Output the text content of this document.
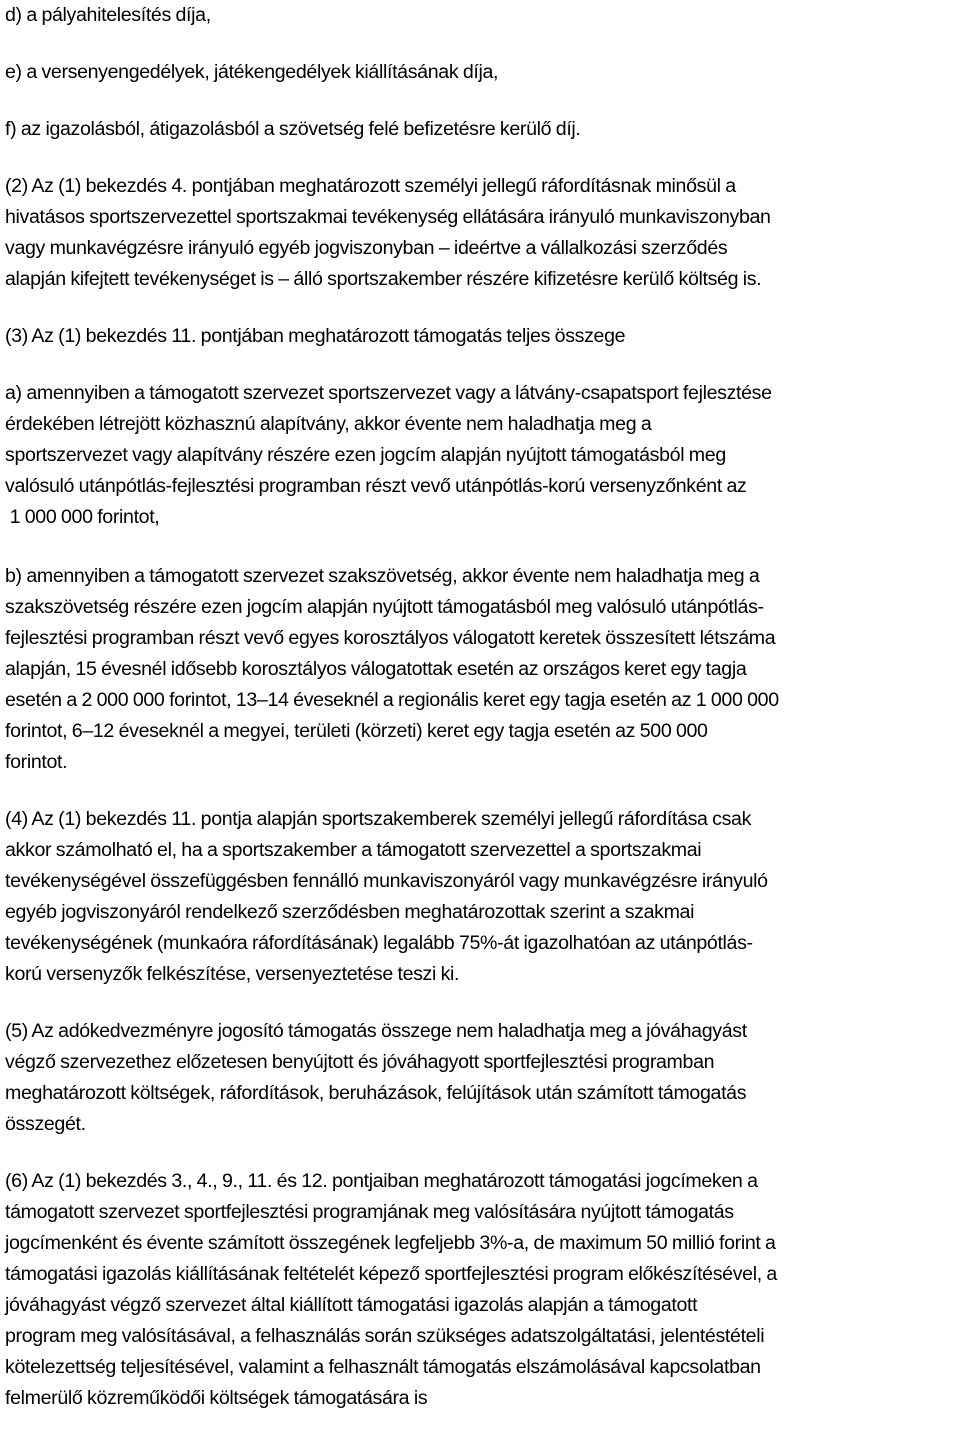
d) a pályahitelesítés díja,

e) a versenyengedélyek, játékengedélyek kiállításának díja,

f) az igazolásból, átigazolásból a szövetség felé befizetésre kerülő díj.

(2) Az (1) bekezdés 4. pontjában meghatározott személyi jellegű ráfordításnak minősül a
hivatásos sportszervezettel sportszakmai tevékenység ellátására irányuló munkaviszonyban
vagy munkavégzésre irányuló egyéb jogviszonyban – ideértve a vállalkozási szerződés
alapján kifejtett tevékenységet is – álló sportszakember részére kifizetésre kerülő költség is.

(3) Az (1) bekezdés 11. pontjában meghatározott támogatás teljes összege

a) amennyiben a támogatott szervezet sportszervezet vagy a látvány-csapatsport fejlesztése
érdekében létrejött közhasznú alapítvány, akkor évente nem haladhatja meg a
sportszervezet vagy alapítvány részére ezen jogcím alapján nyújtott támogatásból meg
valósuló utánpótlás-fejlesztési programban részt vevő utánpótlás-korú versenyzőnként az
1 000 000 forintot,

b) amennyiben a támogatott szervezet szakszövetség, akkor évente nem haladhatja meg a
szakszövetség részére ezen jogcím alapján nyújtott támogatásból meg valósuló utánpótlás-
fejlesztési programban részt vevő egyes korosztályos válogatott keretek összesített létszáma
alapján, 15 évesnél idősebb korosztályos válogatottak esetén az országos keret egy tagja
esetén a 2 000 000 forintot, 13–14 éveseknél a regionális keret egy tagja esetén az 1 000 000
forintot, 6–12 éveseknél a megyei, területi (körzeti) keret egy tagja esetén az 500 000
forintot.

(4) Az (1) bekezdés 11. pontja alapján sportszakemberek személyi jellegű ráfordítása csak
akkor számolható el, ha a sportszakember a támogatott szervezettel a sportszakmai
tevékenységével összefüggésben fennálló munkaviszonyáról vagy munkavégzésre irányuló
egyéb jogviszonyáról rendelkező szerződésben meghatározottak szerint a szakmai
tevékenységének (munkaóra ráfordításának) legalább 75%-át igazolhatóan az utánpótlás-
korú versenyzők felkészítése, versenyeztetése teszi ki.

(5) Az adókedvezményre jogosító támogatás összege nem haladhatja meg a jóváhagyást
végző szervezethez előzetesen benyújtott és jóváhagyott sportfejlesztési programban
meghatározott költségek, ráfordítások, beruházások, felújítások után számított támogatás
összegét.

(6) Az (1) bekezdés 3., 4., 9., 11. és 12. pontjaiban meghatározott támogatási jogcímeken a
támogatott szervezet sportfejlesztési programjának meg valósítására nyújtott támogatás
jogcímenként és évente számított összegének legfeljebb 3%-a, de maximum 50 millió forint a
támogatási igazolás kiállításának feltételét képező sportfejlesztési program előkészítésével, a
jóváhagyást végző szervezet által kiállított támogatási igazolás alapján a támogatott
program meg valósításával, a felhasználás során szükséges adatszolgáltatási, jelentéstételi
kötelezettség teljesítésével, valamint a felhasznált támogatás elszámolásával kapcsolatban
felmerülő közreműködői költségek támogatására is
